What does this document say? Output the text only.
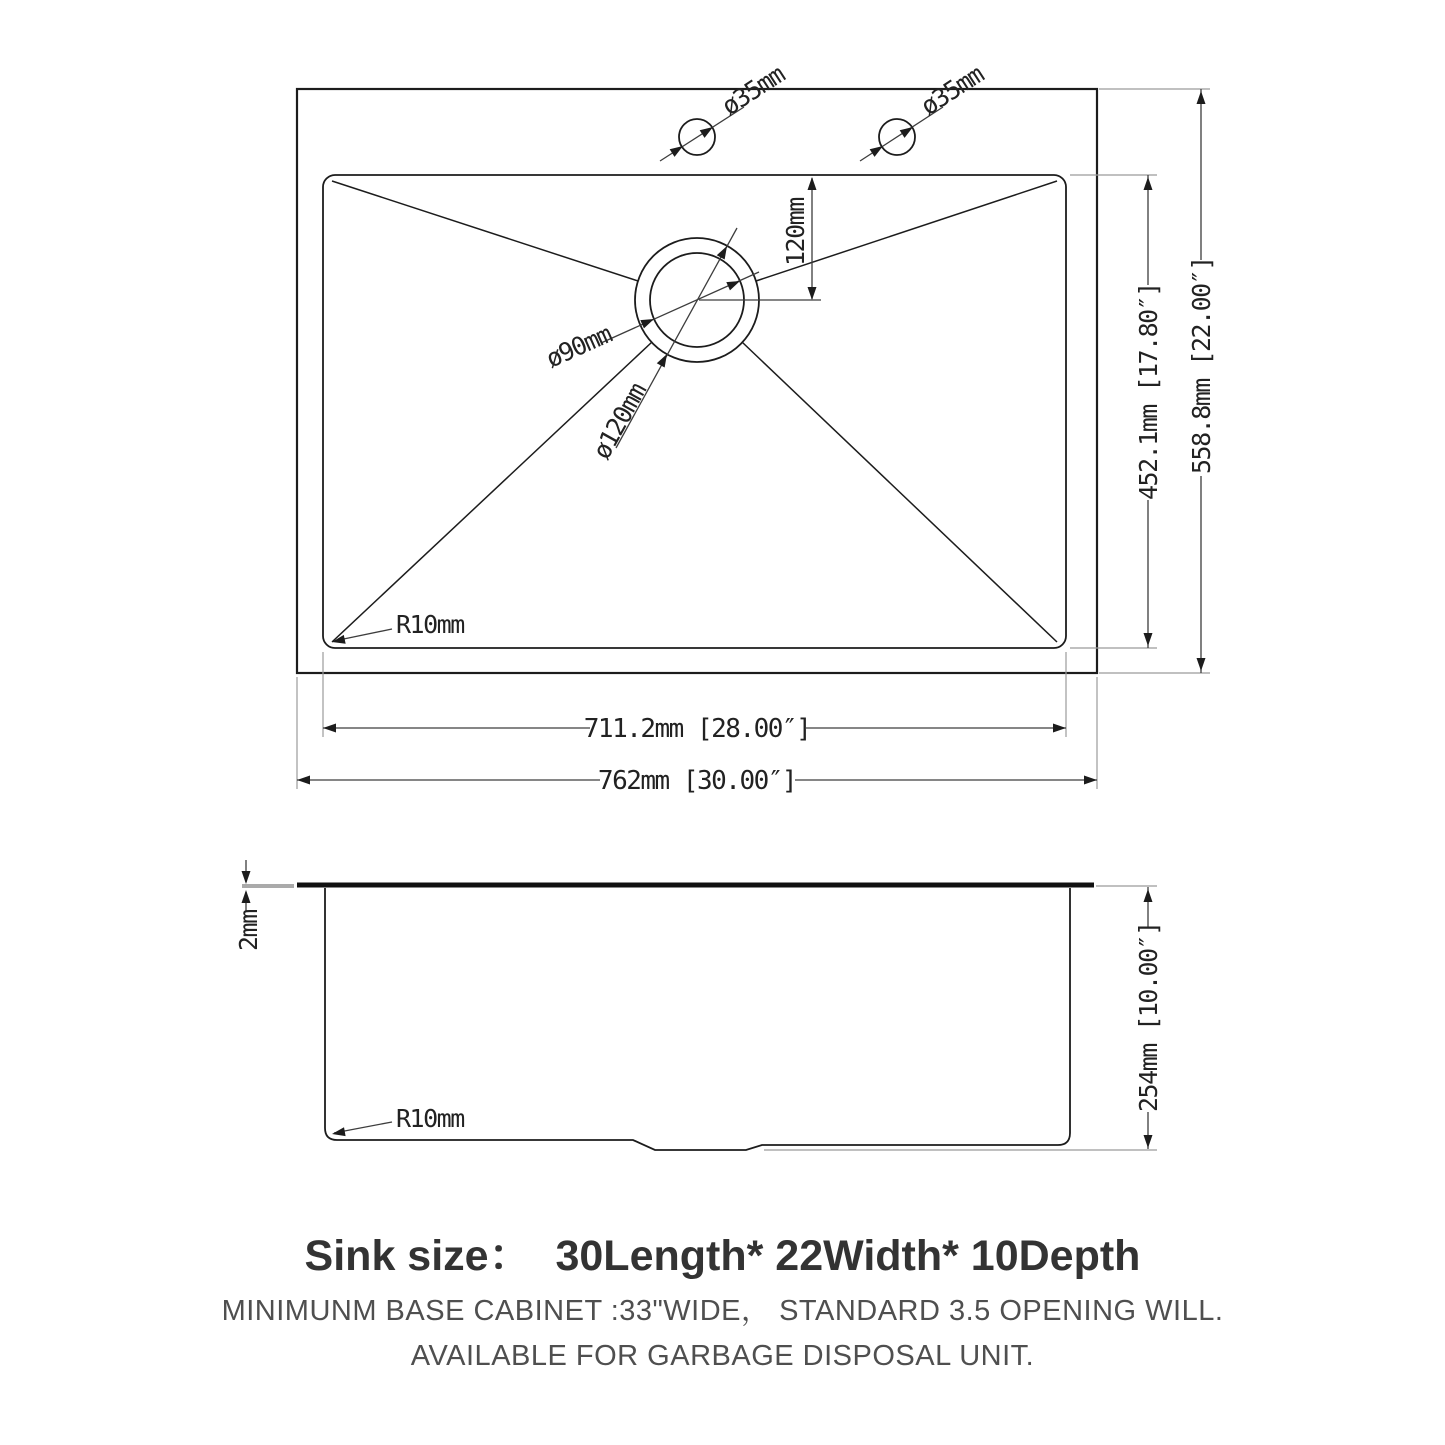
ø35mm	ø35mm
ø90mm
ø120mm
120mm
R10mm
711.2mm [28.00″]
762mm [30.00″]
452.1mm [17.80″] 558.8mm [22.00″]
2mm	254mm [10.00″]
R10mm
Sink size：  30Length* 22Width* 10Depth
MINIMUNM BASE CABINET :33"WIDE， STANDARD 3.5 OPENING WILL.
AVAILABLE FOR GARBAGE DISPOSAL UNIT.
